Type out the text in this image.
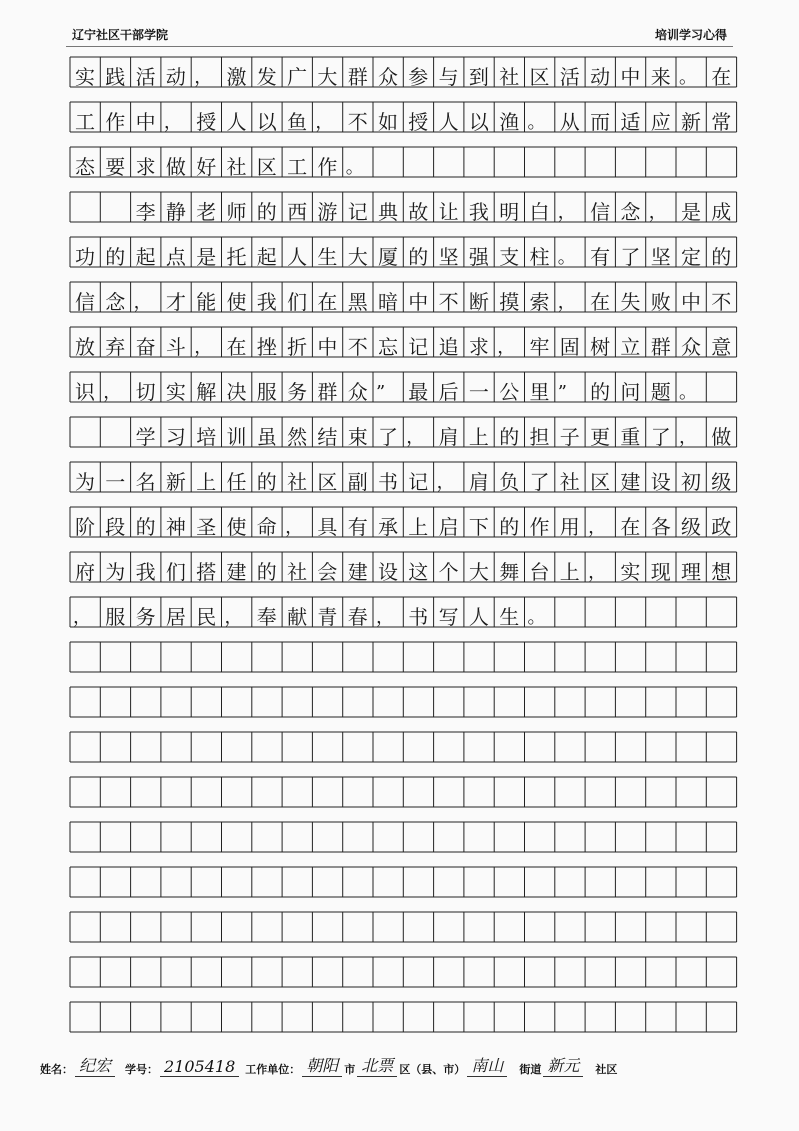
辽宁社区干部学院	培训学习心得
实 践 活 动 ， 激 发 广 大 群 众 参 与 到 社 区 活 动 中 来 。 在
工 作 中 ， 授 人 以 鱼 ， 不 如 授 人 以 渔 。 从 而 适 应 新 常
态 要 求 做 好 社 区 工 作 。
李 静 老 师 的 西 游 记 典 故 让 我 明 白 ， 信 念 ， 是 成
功 的 起 点 是 托 起 人 生 大 厦 的 坚 强 支 柱 。 有 了 坚 定 的
信 念 ， 才 能 使 我 们 在 黑 暗 中 不 断 摸 索 ， 在 失 败 中 不
放 弃 奋 斗 ， 在 挫 折 中 不 忘 记 追 求 ， 牢 固 树 立 群 众 意
识 ， 切 实 解 决 服 务 群 众 ”	最 后 一 公 里 ”	的 问 题 。
学 习 培 训 虽 然 结 束 了 ， 肩 上 的 担 子 更 重 了 ， 做
为 一 名 新 上 任 的 社 区 副 书 记 ， 肩 负 了 社 区 建 设 初 级
阶 段 的 神 圣 使 命 ， 具 有 承 上 启 下 的 作 用 ， 在 各 级 政
府 为 我 们 搭 建 的 社 会 建 设 这 个 大 舞 台 上 ， 实 现 理 想
， 服 务 居 民 ， 奉 献 青 春 ， 书 写 人 生 。
姓名： 纪宏	学号： 2105418 工作单位： 朝阳 市 北票 区（县、市） 南山	街道 新元	社区
